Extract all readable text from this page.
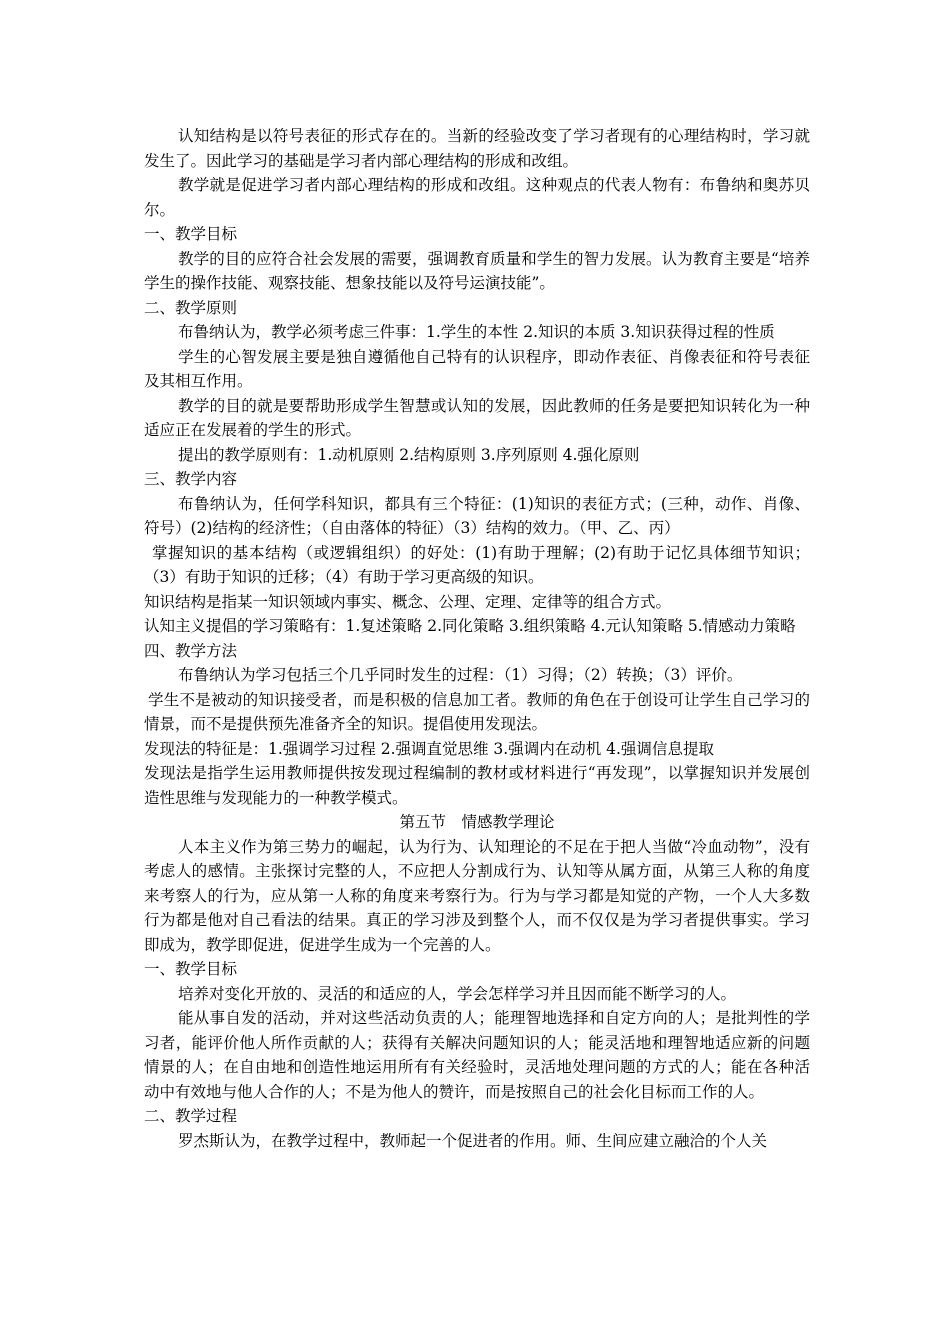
认知结构是以符号表征的形式存在的。当新的经验改变了学习者现有的心理结构时，学习就发生了。因此学习的基础是学习者内部心理结构的形成和改组。

教学就是促进学习者内部心理结构的形成和改组。这种观点的代表人物有：布鲁纳和奥苏贝尔。

一、教学目标

教学的目的应符合社会发展的需要，强调教育质量和学生的智力发展。认为教育主要是“培养学生的操作技能、观察技能、想象技能以及符号运演技能”。

二、教学原则

布鲁纳认为，教学必须考虑三件事：1.学生的本性 2.知识的本质 3.知识获得过程的性质

学生的心智发展主要是独自遵循他自己特有的认识程序，即动作表征、肖像表征和符号表征及其相互作用。

教学的目的就是要帮助形成学生智慧或认知的发展，因此教师的任务是要把知识转化为一种适应正在发展着的学生的形式。

提出的教学原则有：1.动机原则 2.结构原则 3.序列原则 4.强化原则

三、教学内容

布鲁纳认为，任何学科知识，都具有三个特征：(1)知识的表征方式；(三种，动作、肖像、符号）(2)结构的经济性；（自由落体的特征）（3）结构的效力。（甲、乙、丙）

掌握知识的基本结构（或逻辑组织）的好处：(1)有助于理解；(2)有助于记忆具体细节知识；（3）有助于知识的迁移；（4）有助于学习更高级的知识。

知识结构是指某一知识领域内事实、概念、公理、定理、定律等的组合方式。

认知主义提倡的学习策略有：1.复述策略 2.同化策略 3.组织策略 4.元认知策略 5.情感动力策略

四、教学方法

布鲁纳认为学习包括三个几乎同时发生的过程：（1）习得；（2）转换；（3）评价。

学生不是被动的知识接受者，而是积极的信息加工者。教师的角色在于创设可让学生自己学习的情景，而不是提供预先准备齐全的知识。提倡使用发现法。

发现法的特征是：1.强调学习过程 2.强调直觉思维 3.强调内在动机 4.强调信息提取

发现法是指学生运用教师提供按发现过程编制的教材或材料进行“再发现”，以掌握知识并发展创造性思维与发现能力的一种教学模式。

第五节　情感教学理论

人本主义作为第三势力的崛起，认为行为、认知理论的不足在于把人当做“冷血动物”，没有考虑人的感情。主张探讨完整的人，不应把人分割成行为、认知等从属方面，从第三人称的角度来考察人的行为，应从第一人称的角度来考察行为。行为与学习都是知觉的产物，一个人大多数行为都是他对自己看法的结果。真正的学习涉及到整个人，而不仅仅是为学习者提供事实。学习即成为，教学即促进，促进学生成为一个完善的人。

一、教学目标

培养对变化开放的、灵活的和适应的人，学会怎样学习并且因而能不断学习的人。

能从事自发的活动，并对这些活动负责的人；能理智地选择和自定方向的人；是批判性的学习者，能评价他人所作贡献的人；获得有关解决问题知识的人；能灵活地和理智地适应新的问题情景的人；在自由地和创造性地运用所有有关经验时，灵活地处理问题的方式的人；能在各种活动中有效地与他人合作的人；不是为他人的赞许，而是按照自己的社会化目标而工作的人。

二、教学过程

罗杰斯认为，在教学过程中，教师起一个促进者的作用。师、生间应建立融洽的个人关
